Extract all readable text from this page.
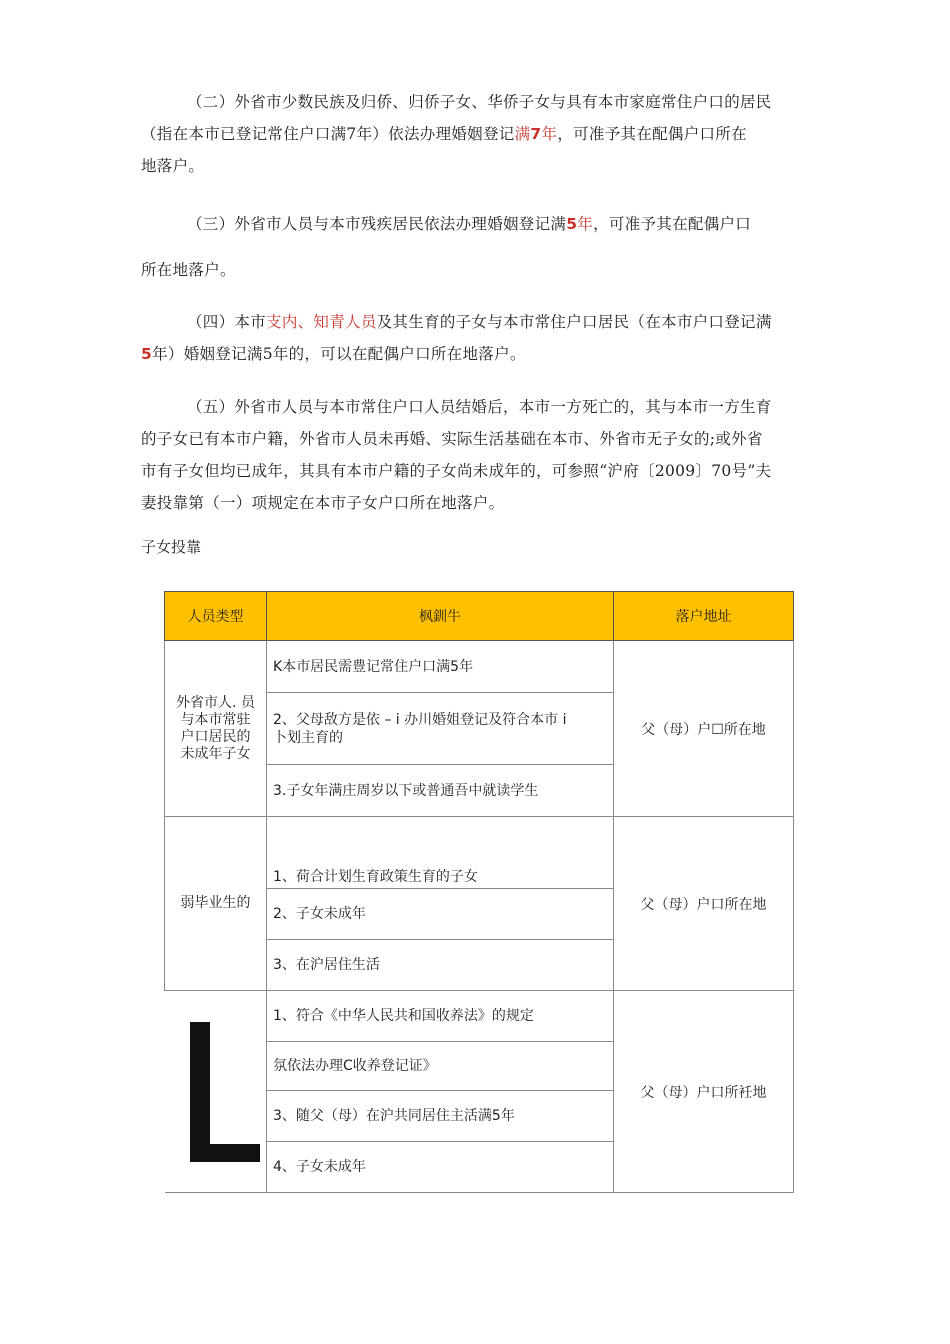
（二）外省市少数民族及归侨、归侨子女、华侨子女与具有本市家庭常住户口的居民
（指在本市已登记常住户口满7年）依法办理婚姻登记满7年，可准予其在配偶户口所在
地落户。
（三）外省市人员与本市残疾居民依法办理婚姻登记满5年，可准予其在配偶户口
所在地落户。
（四）本市支内、知青人员及其生育的子女与本市常住户口居民（在本市户口登记满
5年）婚姻登记满5年的，可以在配偶户口所在地落户。
（五）外省市人员与本市常住户口人员结婚后，本市一方死亡的，其与本市一方生育
的子女已有本市户籍，外省市人员未再婚、实际生活基础在本市、外省市无子女的;或外省
市有子女但均已成年，其具有本市户籍的子女尚未成年的，可参照“沪府〔2009〕70号”夫
妻投靠第（一）项规定在本市子女户口所在地落户。
子女投靠
人员类型	枫釧牛	落户地址

外省市人. 员
与本市常驻
户口居民的
未成年子女	K本市居民需豊记常住户口满5年	父（母）户☐所在地

	2、父母敌方是依 – i 办川婚姐登记及符合本市 i
卜划主育的	

	3.子女年满庄周岁以下或普通吾中就读学生	
弱毕业生的	1、荷合计划生育政策生育的子女	父（母）户口所在地
	2、子女未成年	
	3、在沪居住生活	

	1、符合《中华人民共和国收养法》的规定	父（母）户口所衽地
	氛依法办理C收养登记证》	
	3、随父（母）在沪共同居住主活满5年	
	4、子女未成年	
